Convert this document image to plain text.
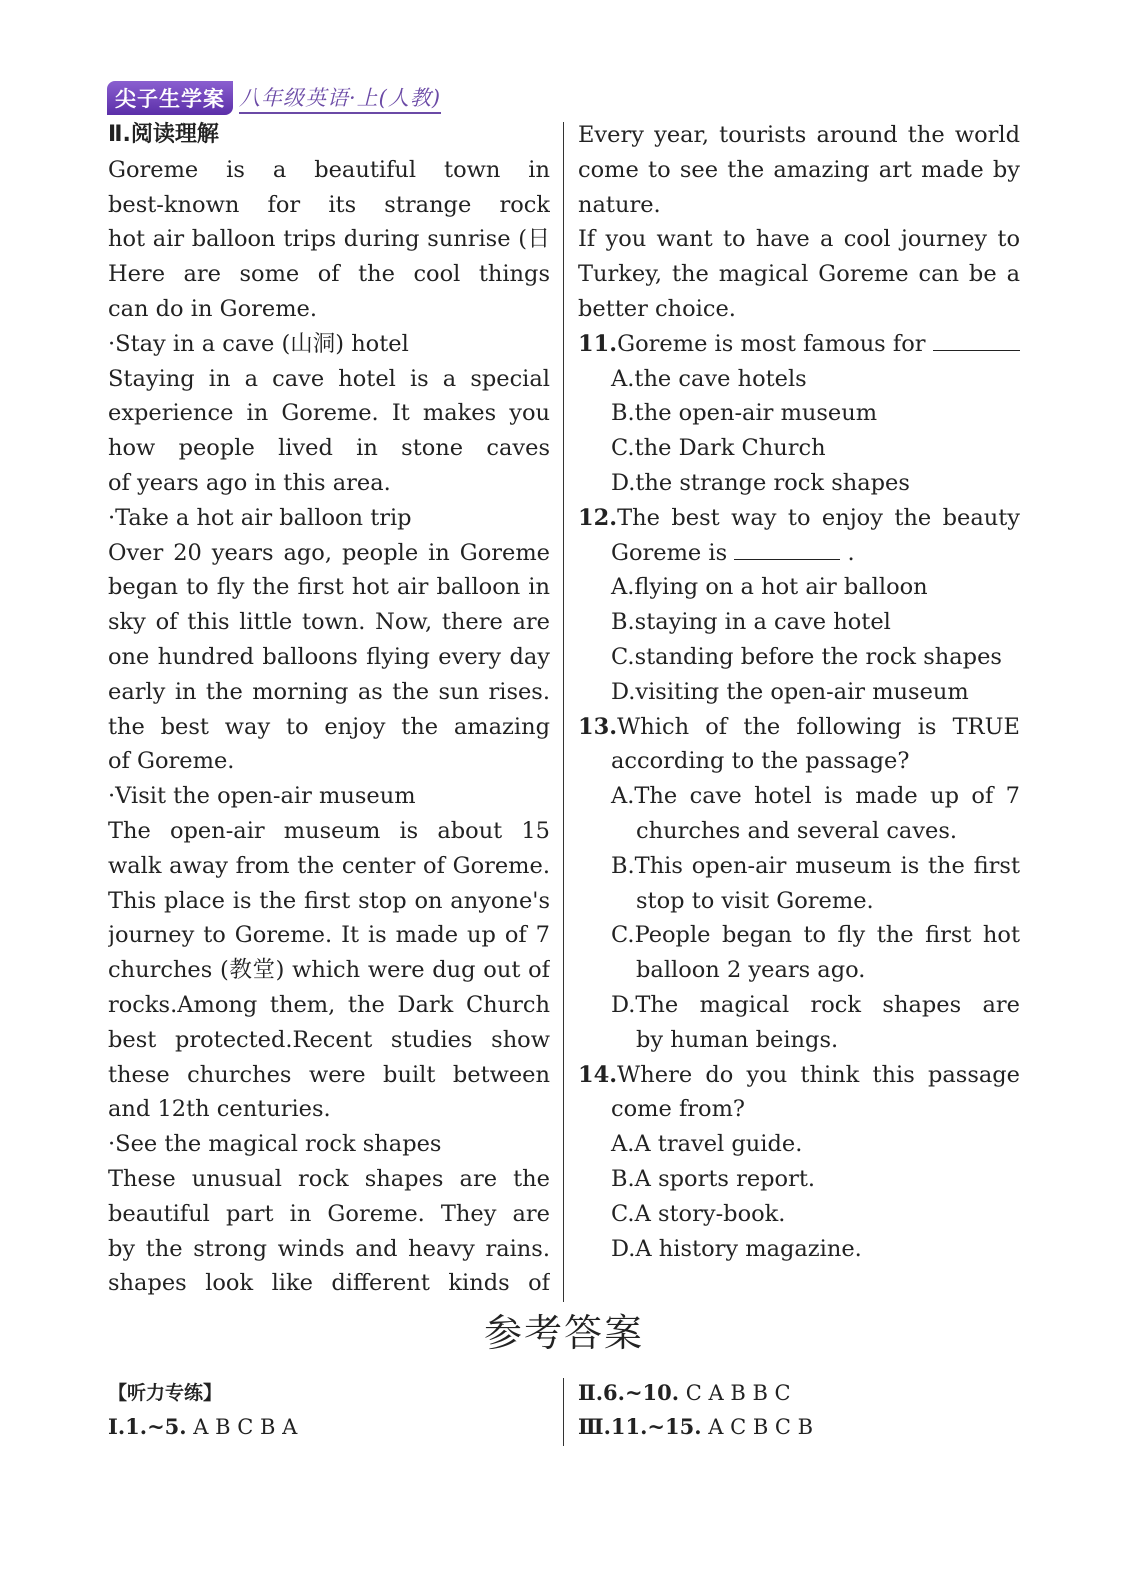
尖子生学案 八年级英语·上(人教)
Ⅱ.阅读理解
Goreme is a beautiful town in
best-known for its strange rock
hot air balloon trips during sunrise (日
Here are some of the cool things
can do in Goreme.
·Stay in a cave (山洞) hotel
Staying in a cave hotel is a special
experience in Goreme. It makes you
how people lived in stone caves
of years ago in this area.
·Take a hot air balloon trip
Over 20 years ago, people in Goreme
began to fly the first hot air balloon in
sky of this little town. Now, there are
one hundred balloons flying every day
early in the morning as the sun rises.
the best way to enjoy the amazing
of Goreme.
·Visit the open-air museum
The open-air museum is about 15
walk away from the center of Goreme.
This place is the first stop on anyone's
journey to Goreme. It is made up of 7
churches (教堂) which were dug out of
rocks.Among them, the Dark Church
best protected.Recent studies show
these churches were built between
and 12th centuries.
·See the magical rock shapes
These unusual rock shapes are the
beautiful part in Goreme. They are
by the strong winds and heavy rains.
shapes look like different kinds of
Every year, tourists around the world
come to see the amazing art made by
nature.
If you want to have a cool journey to
Turkey, the magical Goreme can be a
better choice.
11.Goreme is most famous for
A.the cave hotels
B.the open-air museum
C.the Dark Church
D.the strange rock shapes
12.The best way to enjoy the beauty
Goreme is	.
A.flying on a hot air balloon
B.staying in a cave hotel
C.standing before the rock shapes
D.visiting the open-air museum
13.Which of the following is TRUE
according to the passage?
A.The cave hotel is made up of 7
churches and several caves.
B.This open-air museum is the first
stop to visit Goreme.
C.People began to fly the first hot
balloon 2 years ago.
D.The magical rock shapes are
by human beings.
14.Where do you think this passage
come from?
A.A travel guide.
B.A sports report.
C.A story-book.
D.A history magazine.
参考答案
【听力专练】
Ⅰ.1.~5. A B C B A
Ⅱ.6.~10. C A B B C
Ⅲ.11.~15. A C B C B
